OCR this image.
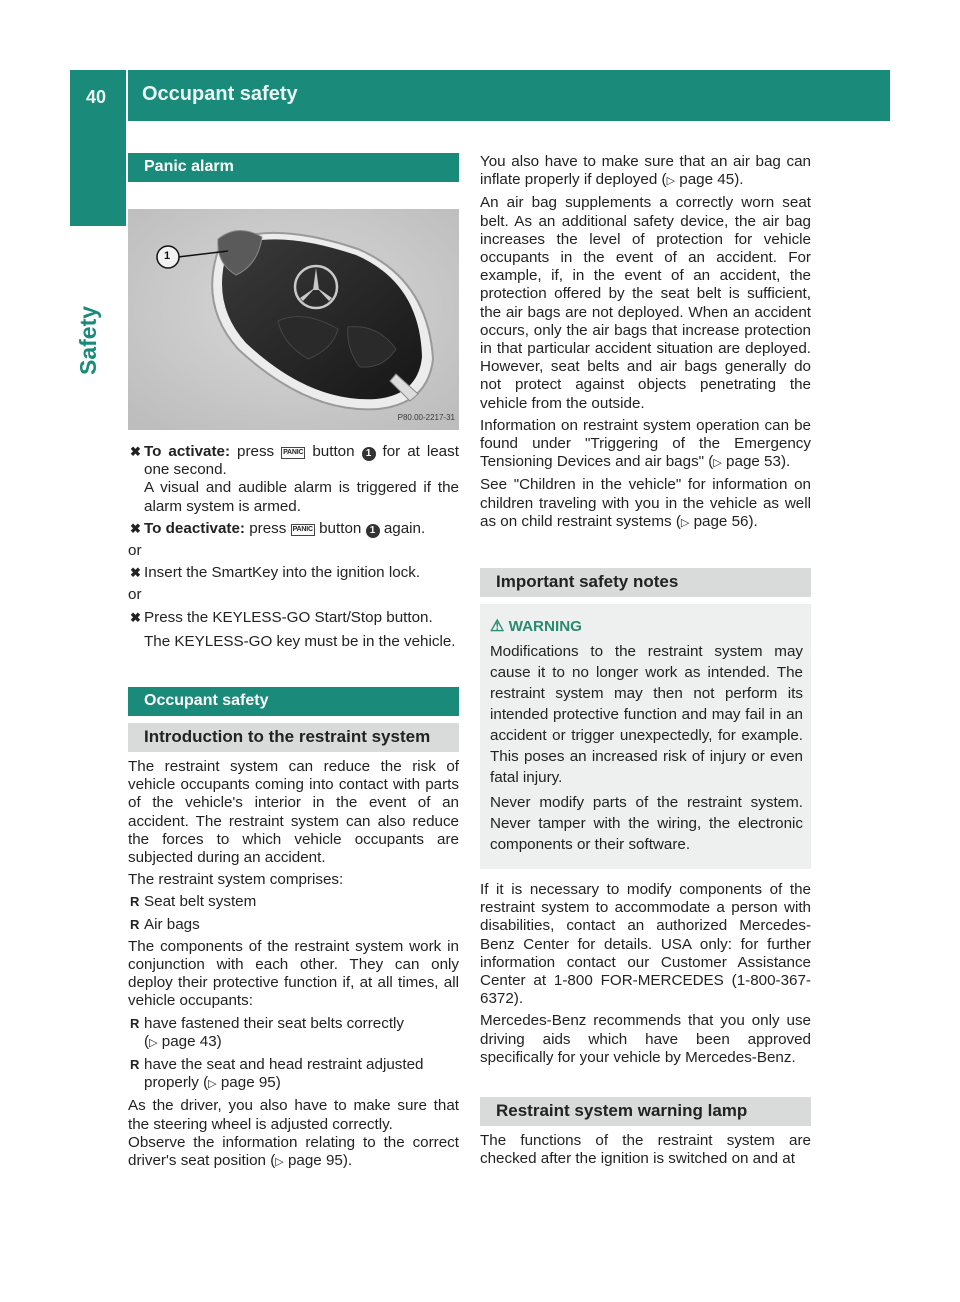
40 Occupant safety
Safety
Panic alarm
1
P80.00-2217-31
✖ To activate: press PANIC button 1 for at least one second.

A visual and audible alarm is triggered if the alarm system is armed.

✖ To deactivate: press PANIC button 1 again.

or

✖ Insert the SmartKey into the ignition lock.

or

✖ Press the KEYLESS-GO Start/Stop button.

The KEYLESS-GO key must be in the vehicle.

Occupant safety
Introduction to the restraint system

The restraint system can reduce the risk of vehicle occupants coming into contact with parts of the vehicle's interior in the event of an accident. The restraint system can also reduce the forces to which vehicle occupants are subjected during an accident.

The restraint system comprises:

R Seat belt system
R Air bags

The components of the restraint system work in conjunction with each other. They can only deploy their protective function if, at all times, all vehicle occupants:

R have fastened their seat belts correctly
(▷ page 43)
R have the seat and head restraint adjusted properly (▷ page 95)

As the driver, you also have to make sure that the steering wheel is adjusted correctly.

Observe the information relating to the correct driver's seat position (▷ page 95).

You also have to make sure that an air bag can inflate properly if deployed (▷ page 45).

An air bag supplements a correctly worn seat belt. As an additional safety device, the air bag increases the level of protection for vehicle occupants in the event of an accident. For example, if, in the event of an accident, the protection offered by the seat belt is sufficient, the air bags are not deployed. When an accident occurs, only the air bags that increase protection in that particular accident situation are deployed. However, seat belts and air bags generally do not protect against objects penetrating the vehicle from the outside.

Information on restraint system operation can be found under "Triggering of the Emergency Tensioning Devices and air bags" (▷ page 53).

See "Children in the vehicle" for information on children traveling with you in the vehicle as well as on child restraint systems (▷ page 56).

Important safety notes
⚠ WARNING

Modifications to the restraint system may cause it to no longer work as intended. The restraint system may then not perform its intended protective function and may fail in an accident or trigger unexpectedly, for example. This poses an increased risk of injury or even fatal injury.

Never modify parts of the restraint system. Never tamper with the wiring, the electronic components or their software.

If it is necessary to modify components of the restraint system to accommodate a person with disabilities, contact an authorized Mercedes-Benz Center for details. USA only: for further information contact our Customer Assistance Center at 1-800 FOR-MERCEDES (1-800-367-6372).

Mercedes-Benz recommends that you only use driving aids which have been approved specifically for your vehicle by Mercedes-Benz.

Restraint system warning lamp

The functions of the restraint system are checked after the ignition is switched on and at
